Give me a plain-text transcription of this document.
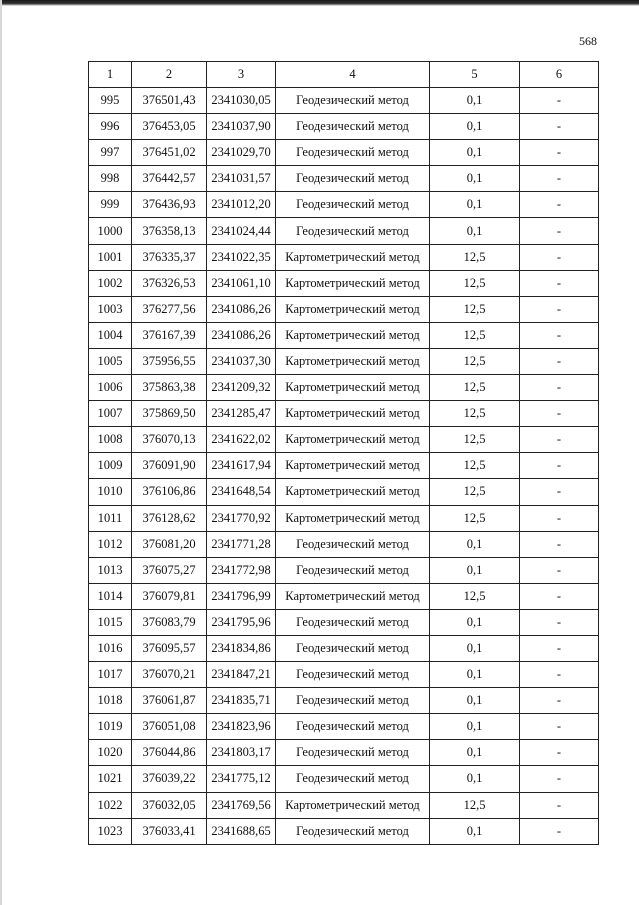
568
1	2	3	4	5	6
995	376501,43	2341030,05	Геодезический метод	0,1	-
996	376453,05	2341037,90	Геодезический метод	0,1	-
997	376451,02	2341029,70	Геодезический метод	0,1	-
998	376442,57	2341031,57	Геодезический метод	0,1	-
999	376436,93	2341012,20	Геодезический метод	0,1	-
1000	376358,13	2341024,44	Геодезический метод	0,1	-
1001	376335,37	2341022,35	Картометрический метод	12,5	-
1002	376326,53	2341061,10	Картометрический метод	12,5	-
1003	376277,56	2341086,26	Картометрический метод	12,5	-
1004	376167,39	2341086,26	Картометрический метод	12,5	-
1005	375956,55	2341037,30	Картометрический метод	12,5	-
1006	375863,38	2341209,32	Картометрический метод	12,5	-
1007	375869,50	2341285,47	Картометрический метод	12,5	-
1008	376070,13	2341622,02	Картометрический метод	12,5	-
1009	376091,90	2341617,94	Картометрический метод	12,5	-
1010	376106,86	2341648,54	Картометрический метод	12,5	-
1011	376128,62	2341770,92	Картометрический метод	12,5	-
1012	376081,20	2341771,28	Геодезический метод	0,1	-
1013	376075,27	2341772,98	Геодезический метод	0,1	-
1014	376079,81	2341796,99	Картометрический метод	12,5	-
1015	376083,79	2341795,96	Геодезический метод	0,1	-
1016	376095,57	2341834,86	Геодезический метод	0,1	-
1017	376070,21	2341847,21	Геодезический метод	0,1	-
1018	376061,87	2341835,71	Геодезический метод	0,1	-
1019	376051,08	2341823,96	Геодезический метод	0,1	-
1020	376044,86	2341803,17	Геодезический метод	0,1	-
1021	376039,22	2341775,12	Геодезический метод	0,1	-
1022	376032,05	2341769,56	Картометрический метод	12,5	-
1023	376033,41	2341688,65	Геодезический метод	0,1	-
